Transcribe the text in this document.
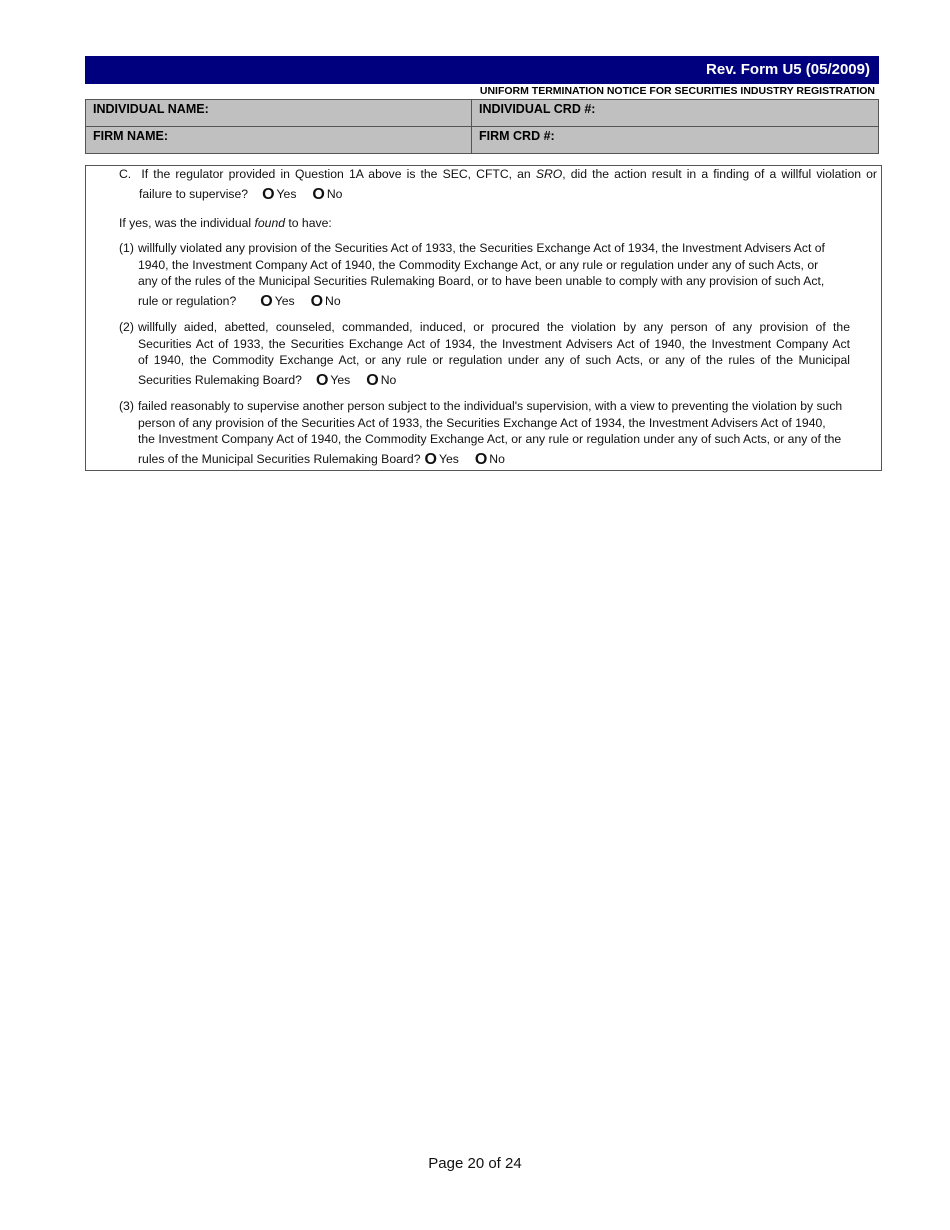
Rev. Form U5 (05/2009)
UNIFORM TERMINATION NOTICE FOR SECURITIES INDUSTRY REGISTRATION
INDIVIDUAL NAME:	INDIVIDUAL CRD #:
FIRM NAME:	FIRM CRD #:
C. If the regulator provided in Question 1A above is the SEC, CFTC, an SRO, did the action result in a finding of a willful violation or
failure to supervise? O Yes O No
If yes, was the individual found to have:
(1) willfully violated any provision of the Securities Act of 1933, the Securities Exchange Act of 1934, the Investment Advisers Act of
1940, the Investment Company Act of 1940, the Commodity Exchange Act, or any rule or regulation under any of such Acts, or
any of the rules of the Municipal Securities Rulemaking Board, or to have been unable to comply with any provision of such Act,
rule or regulation? O Yes O No
(2) willfully aided, abetted, counseled, commanded, induced, or procured the violation by any person of any provision of the
Securities Act of 1933, the Securities Exchange Act of 1934, the Investment Advisers Act of 1940, the Investment Company Act
of 1940, the Commodity Exchange Act, or any rule or regulation under any of such Acts, or any of the rules of the Municipal
Securities Rulemaking Board? O Yes O No
(3) failed reasonably to supervise another person subject to the individual's supervision, with a view to preventing the violation by such
person of any provision of the Securities Act of 1933, the Securities Exchange Act of 1934, the Investment Advisers Act of 1940,
the Investment Company Act of 1940, the Commodity Exchange Act, or any rule or regulation under any of such Acts, or any of the
rules of the Municipal Securities Rulemaking Board? O Yes O No
Page 20 of 24
